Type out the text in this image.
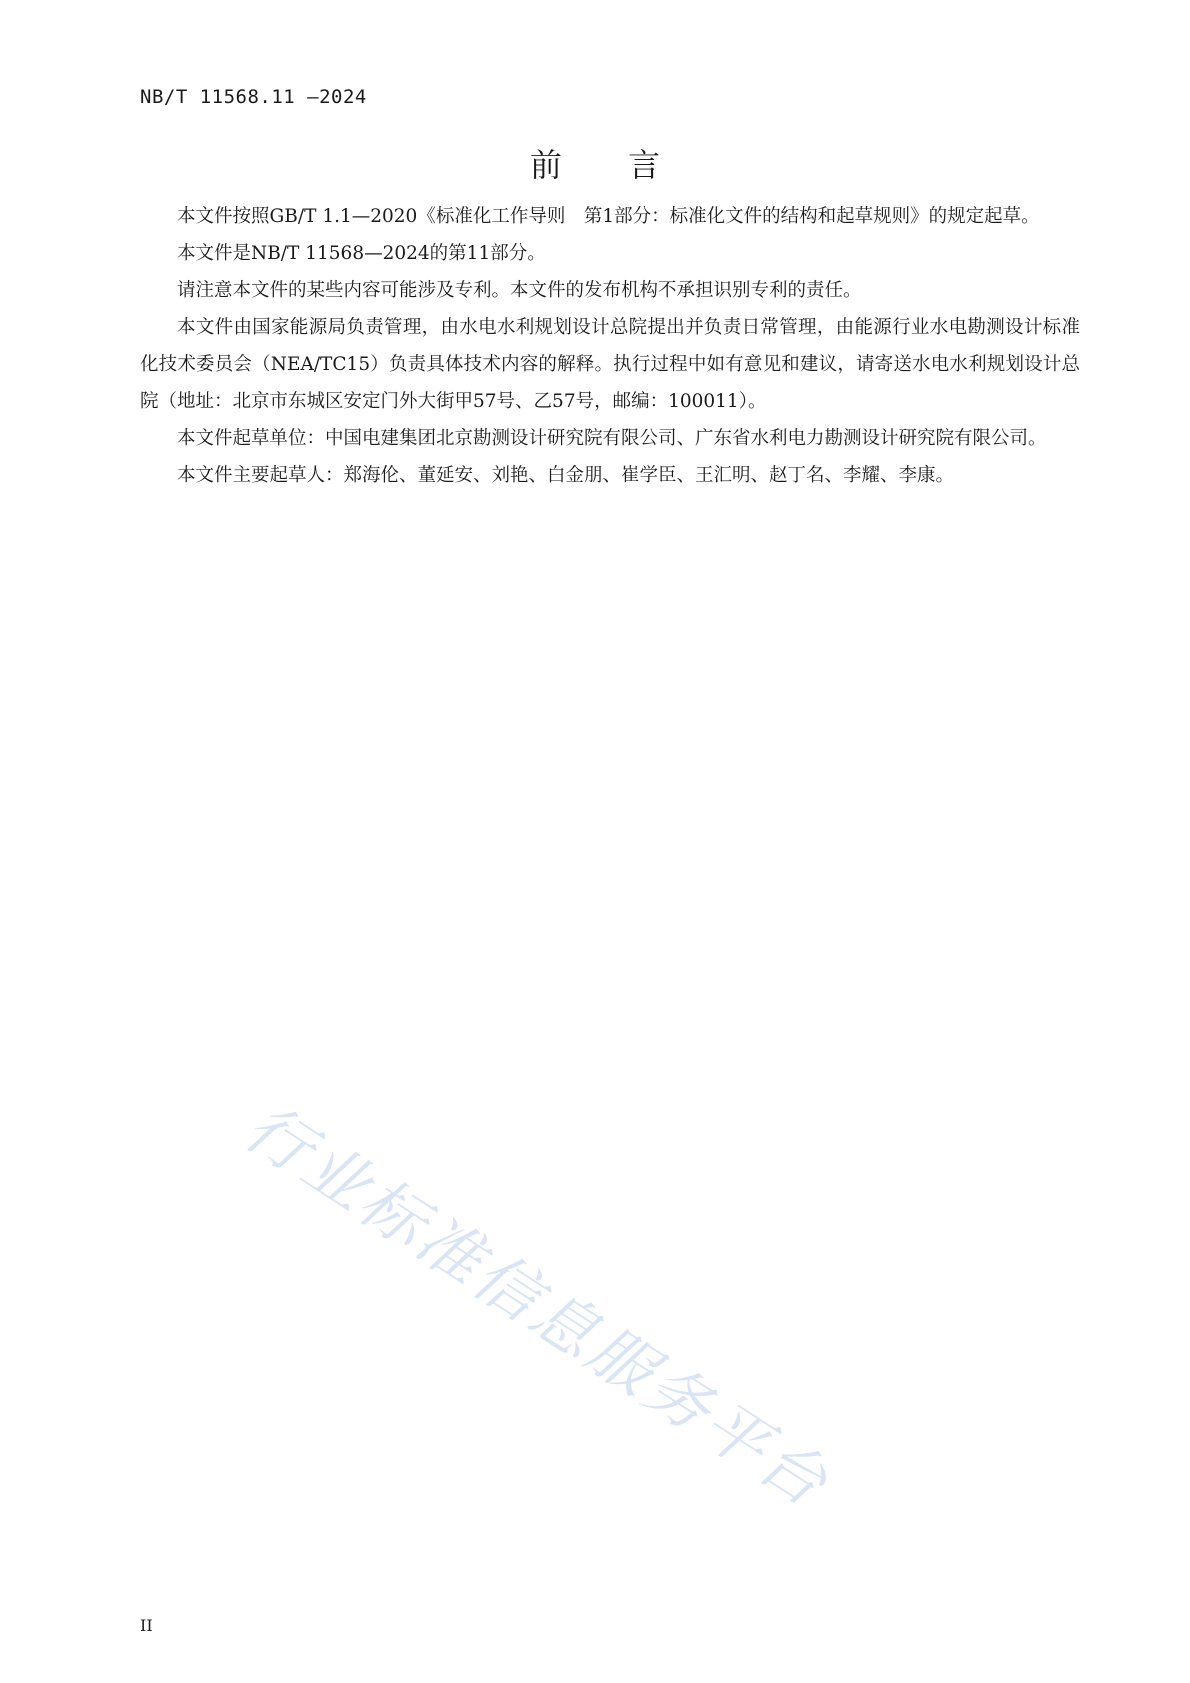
NB/T 11568.11 —2024
前 言

本文件按照GB/T 1.1—2020《标准化工作导则　第1部分：标准化文件的结构和起草规则》的规定起草。

本文件是NB/T 11568—2024的第11部分。

请注意本文件的某些内容可能涉及专利。本文件的发布机构不承担识别专利的责任。

本文件由国家能源局负责管理，由水电水利规划设计总院提出并负责日常管理，由能源行业水电勘测设计标准化技术委员会（NEA/TC15）负责具体技术内容的解释。执行过程中如有意见和建议，请寄送水电水利规划设计总院（地址：北京市东城区安定门外大街甲57号、乙57号，邮编：100011）。

本文件起草单位：中国电建集团北京勘测设计研究院有限公司、广东省水利电力勘测设计研究院有限公司。

本文件主要起草人：郑海伦、董延安、刘艳、白金朋、崔学臣、王汇明、赵丁名、李耀、李康。

行业标准信息服务平台
II
